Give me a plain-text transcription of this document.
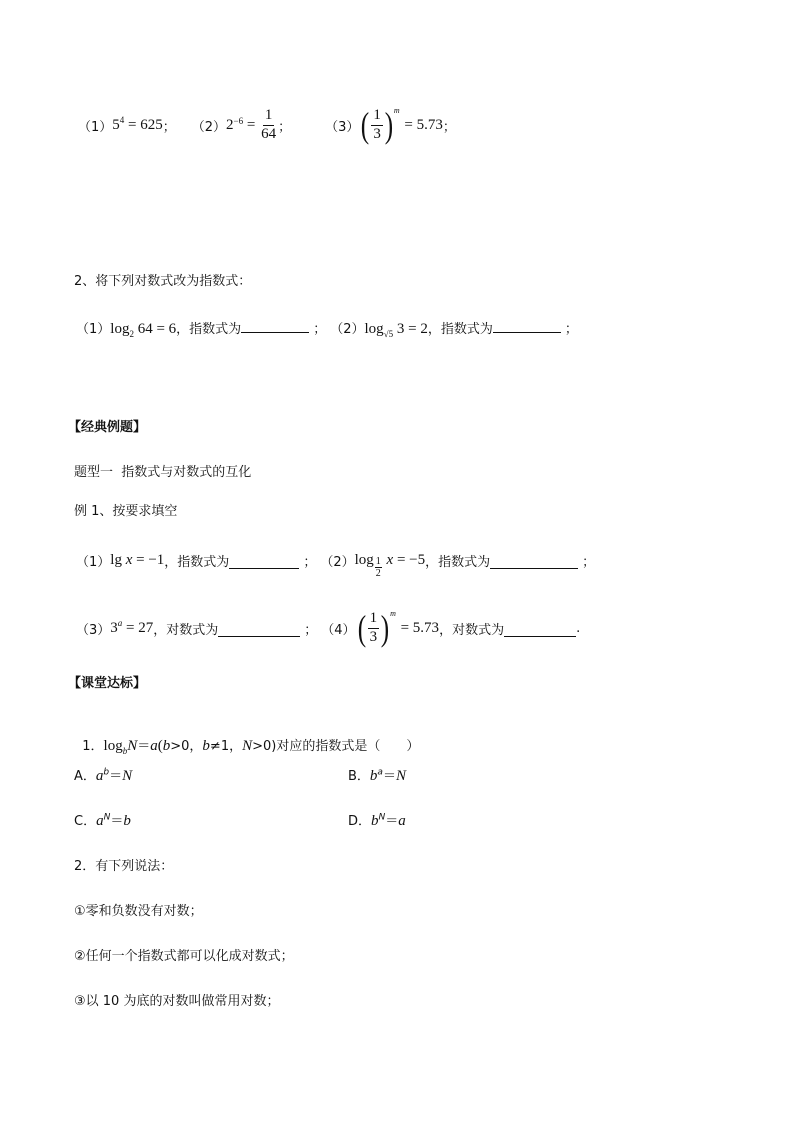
（1） $5^4 = 625$ ； （2） $2^{-6} = \frac{1}{64}$ ；	（3） ( $\frac{1}{3}$ ) m
= 5.73 ；
2、将下列对数式改为指数式：
（1） $\log_2 64 = 6$ ，指数式为	； （2） $\log_{√5} 3 = 2$ ，指数式为	；
【经典例题】
题型一  指数式与对数式的互化
例 1、按要求填空
（1） lg x = −1 ，指数式为	； （2） $\log \frac{1}{2}$ x = −5 ，指数式为	；
（3） $3^a = 27$ ，对数式为	； （4） ( $\frac{1}{3}$ ) m
= 5.73 ，对数式为	.
【课堂达标】

1．$\log_bN=a(b>0$，b≠1，N>0)对应的指数式是（　　）

A．$a^b=N$	B．$b^a=N$
C．$a^N=b$	D．$b^N=a$
2．有下列说法：
①零和负数没有对数；
②任何一个指数式都可以化成对数式；
③以 10 为底的对数叫做常用对数；
